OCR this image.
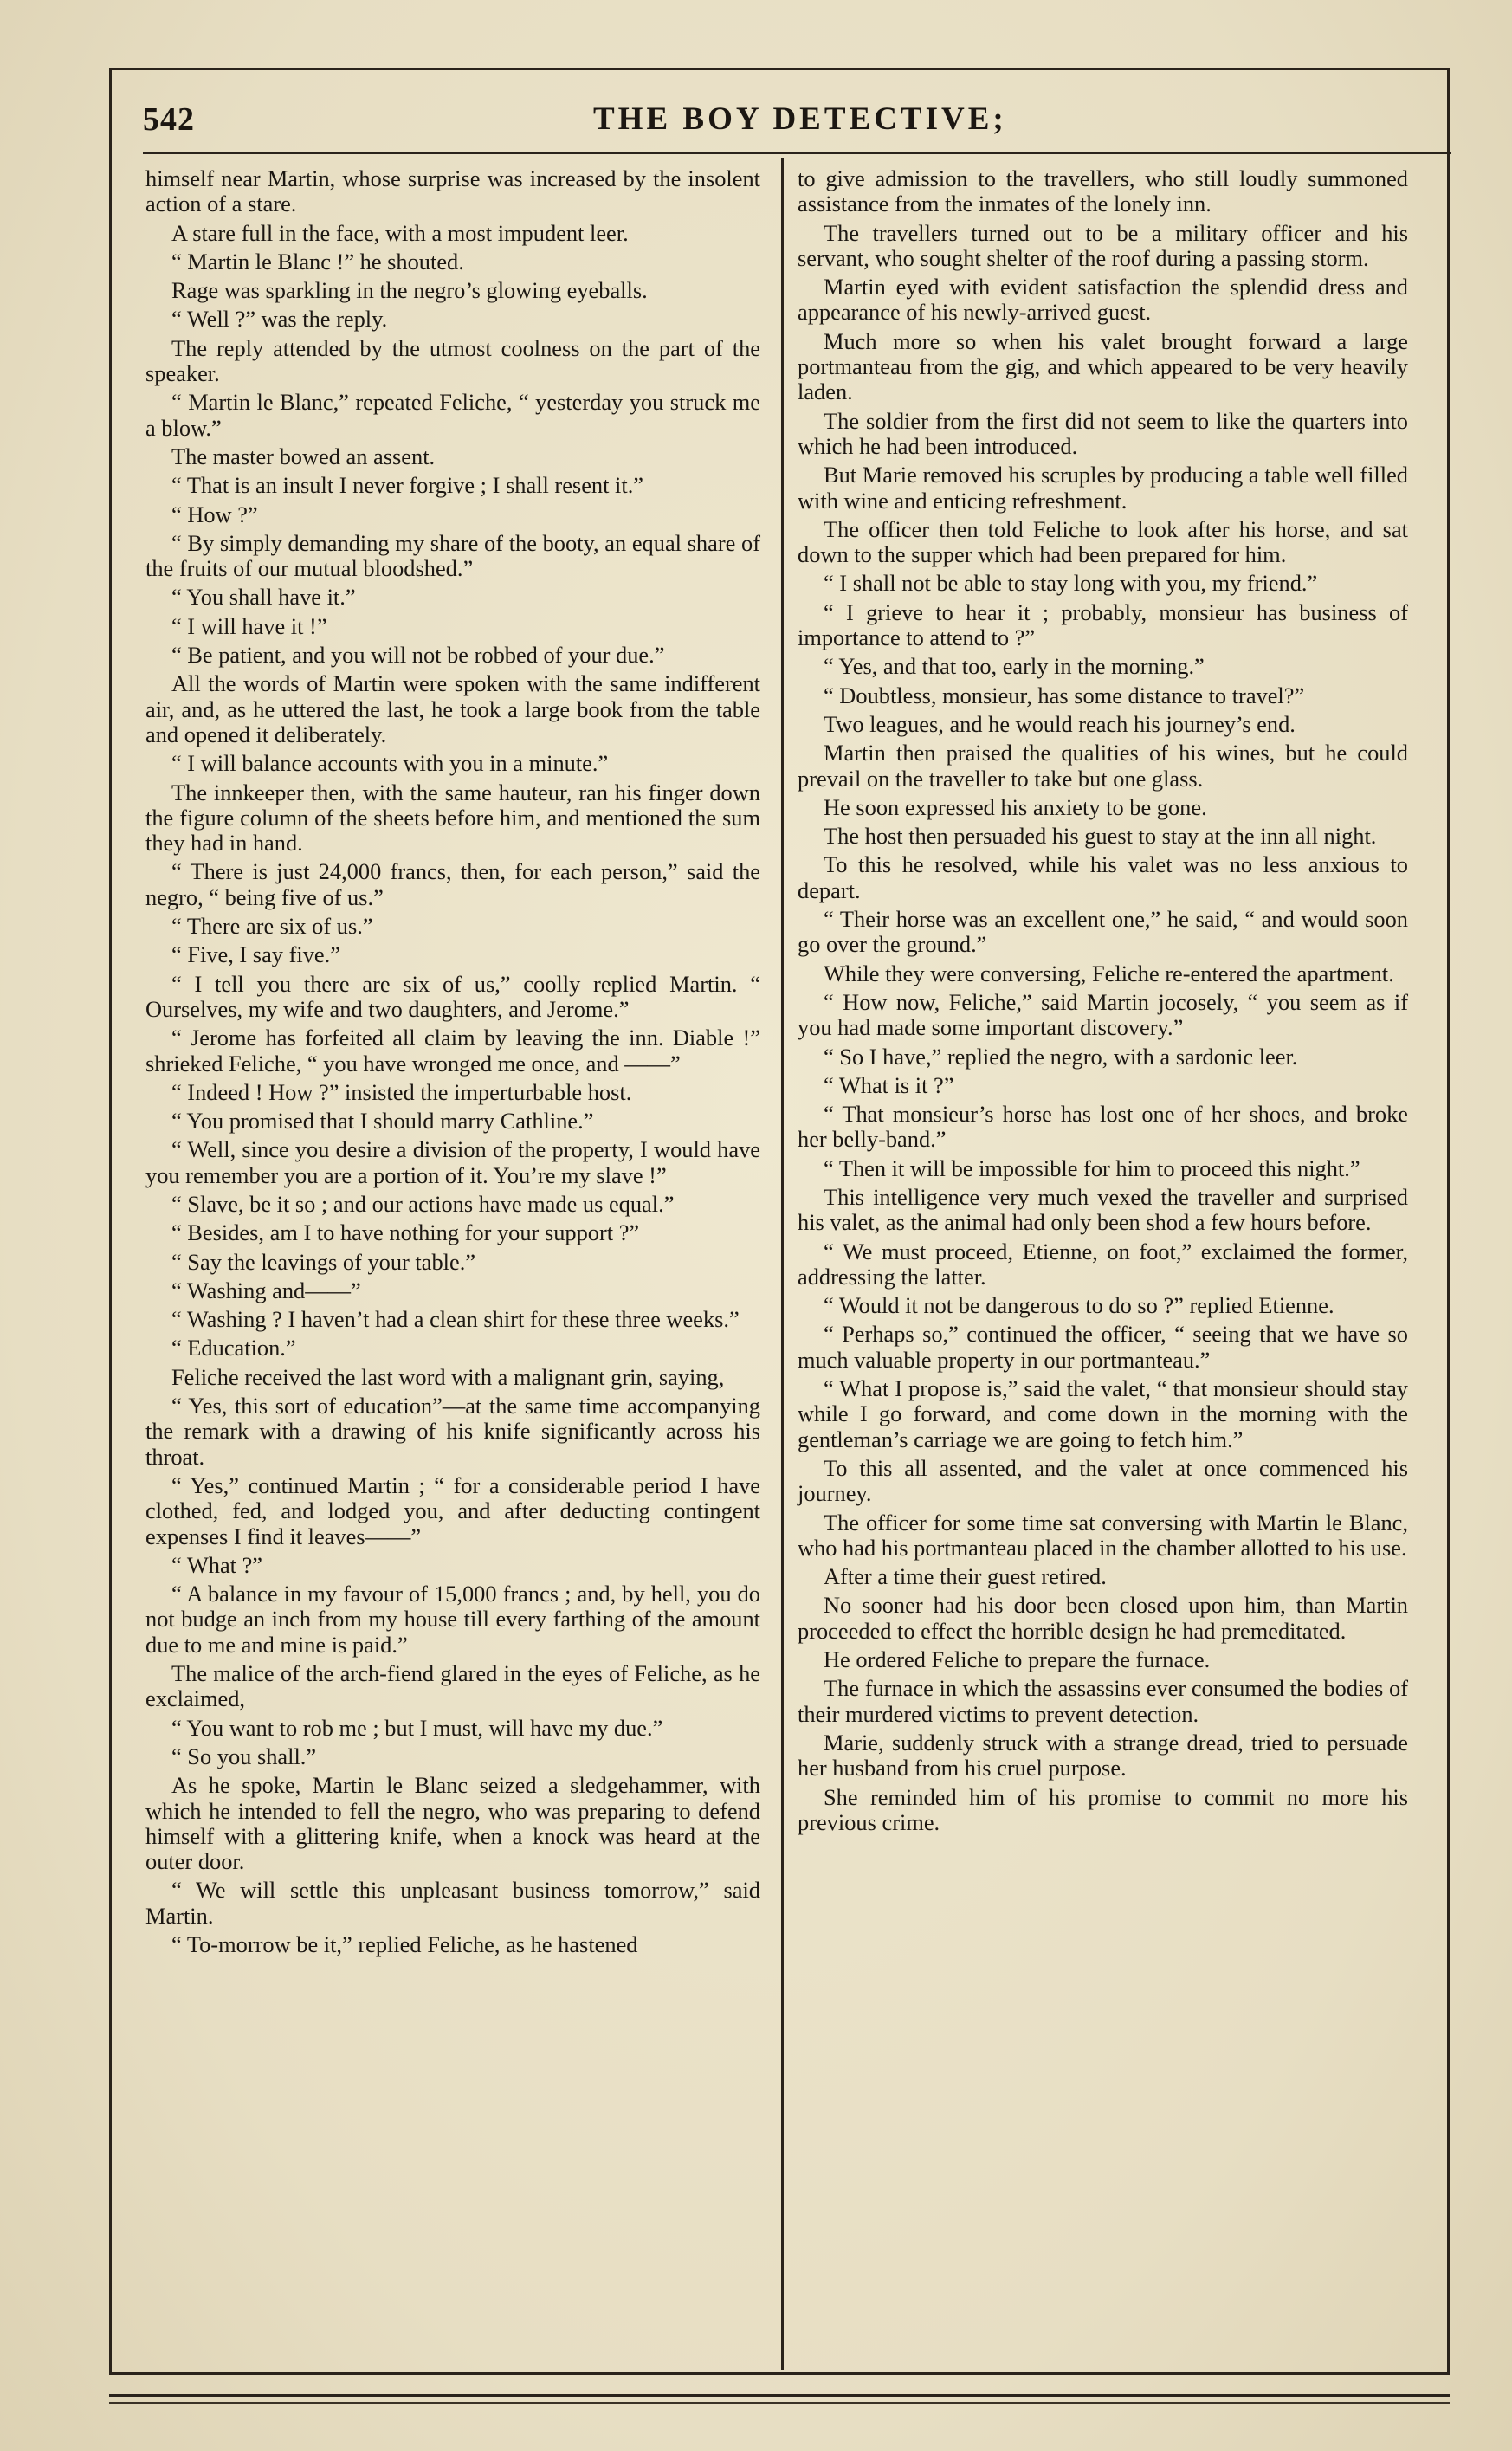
542	THE BOY DETECTIVE;

himself near Martin, whose surprise was increased by the insolent action of a stare.

A stare full in the face, with a most impudent leer.

“ Martin le Blanc !” he shouted.

Rage was sparkling in the negro’s glowing eyeballs.

“ Well ?” was the reply.

The reply attended by the utmost coolness on the part of the speaker.

“ Martin le Blanc,” repeated Feliche, “ yesterday you struck me a blow.”

The master bowed an assent.

“ That is an insult I never forgive ; I shall resent it.”

“ How ?”

“ By simply demanding my share of the booty, an equal share of the fruits of our mutual bloodshed.”

“ You shall have it.”

“ I will have it !”

“ Be patient, and you will not be robbed of your due.”

All the words of Martin were spoken with the same indifferent air, and, as he uttered the last, he took a large book from the table and opened it deliberately.

“ I will balance accounts with you in a minute.”

The innkeeper then, with the same hauteur, ran his finger down the figure column of the sheets before him, and mentioned the sum they had in hand.

“ There is just 24,000 francs, then, for each person,” said the negro, “ being five of us.”

“ There are six of us.”

“ Five, I say five.”

“ I tell you there are six of us,” coolly replied Martin. “ Ourselves, my wife and two daughters, and Jerome.”

“ Jerome has forfeited all claim by leaving the inn. Diable !” shrieked Feliche, “ you have wronged me once, and ——”

“ Indeed ! How ?” insisted the imperturbable host.

“ You promised that I should marry Cathline.”

“ Well, since you desire a division of the property, I would have you remember you are a portion of it. You’re my slave !”

“ Slave, be it so ; and our actions have made us equal.”

“ Besides, am I to have nothing for your support ?”

“ Say the leavings of your table.”

“ Washing and——”

“ Washing ? I haven’t had a clean shirt for these three weeks.”

“ Education.”

Feliche received the last word with a malignant grin, saying,

“ Yes, this sort of education”—at the same time accompanying the remark with a drawing of his knife significantly across his throat.

“ Yes,” continued Martin ; “ for a considerable period I have clothed, fed, and lodged you, and after deducting contingent expenses I find it leaves——”

“ What ?”

“ A balance in my favour of 15,000 francs ; and, by hell, you do not budge an inch from my house till every farthing of the amount due to me and mine is paid.”

The malice of the arch-fiend glared in the eyes of Feliche, as he exclaimed,

“ You want to rob me ; but I must, will have my due.”

“ So you shall.”

As he spoke, Martin le Blanc seized a sledgehammer, with which he intended to fell the negro, who was preparing to defend himself with a glittering knife, when a knock was heard at the outer door.

“ We will settle this unpleasant business tomorrow,” said Martin.

“ To-morrow be it,” replied Feliche, as he hastened

to give admission to the travellers, who still loudly summoned assistance from the inmates of the lonely inn.

The travellers turned out to be a military officer and his servant, who sought shelter of the roof during a passing storm.

Martin eyed with evident satisfaction the splendid dress and appearance of his newly-arrived guest.

Much more so when his valet brought forward a large portmanteau from the gig, and which appeared to be very heavily laden.

The soldier from the first did not seem to like the quarters into which he had been introduced.

But Marie removed his scruples by producing a table well filled with wine and enticing refreshment.

The officer then told Feliche to look after his horse, and sat down to the supper which had been prepared for him.

“ I shall not be able to stay long with you, my friend.”

“ I grieve to hear it ; probably, monsieur has business of importance to attend to ?”

“ Yes, and that too, early in the morning.”

“ Doubtless, monsieur, has some distance to travel?”

Two leagues, and he would reach his journey’s end.

Martin then praised the qualities of his wines, but he could prevail on the traveller to take but one glass.

He soon expressed his anxiety to be gone.

The host then persuaded his guest to stay at the inn all night.

To this he resolved, while his valet was no less anxious to depart.

“ Their horse was an excellent one,” he said, “ and would soon go over the ground.”

While they were conversing, Feliche re-entered the apartment.

“ How now, Feliche,” said Martin jocosely, “ you seem as if you had made some important discovery.”

“ So I have,” replied the negro, with a sardonic leer.

“ What is it ?”

“ That monsieur’s horse has lost one of her shoes, and broke her belly-band.”

“ Then it will be impossible for him to proceed this night.”

This intelligence very much vexed the traveller and surprised his valet, as the animal had only been shod a few hours before.

“ We must proceed, Etienne, on foot,” exclaimed the former, addressing the latter.

“ Would it not be dangerous to do so ?” replied Etienne.

“ Perhaps so,” continued the officer, “ seeing that we have so much valuable property in our portmanteau.”

“ What I propose is,” said the valet, “ that monsieur should stay while I go forward, and come down in the morning with the gentleman’s carriage we are going to fetch him.”

To this all assented, and the valet at once commenced his journey.

The officer for some time sat conversing with Martin le Blanc, who had his portmanteau placed in the chamber allotted to his use.

After a time their guest retired.

No sooner had his door been closed upon him, than Martin proceeded to effect the horrible design he had premeditated.

He ordered Feliche to prepare the furnace.

The furnace in which the assassins ever consumed the bodies of their murdered victims to prevent detection.

Marie, suddenly struck with a strange dread, tried to persuade her husband from his cruel purpose.

She reminded him of his promise to commit no more his previous crime.
